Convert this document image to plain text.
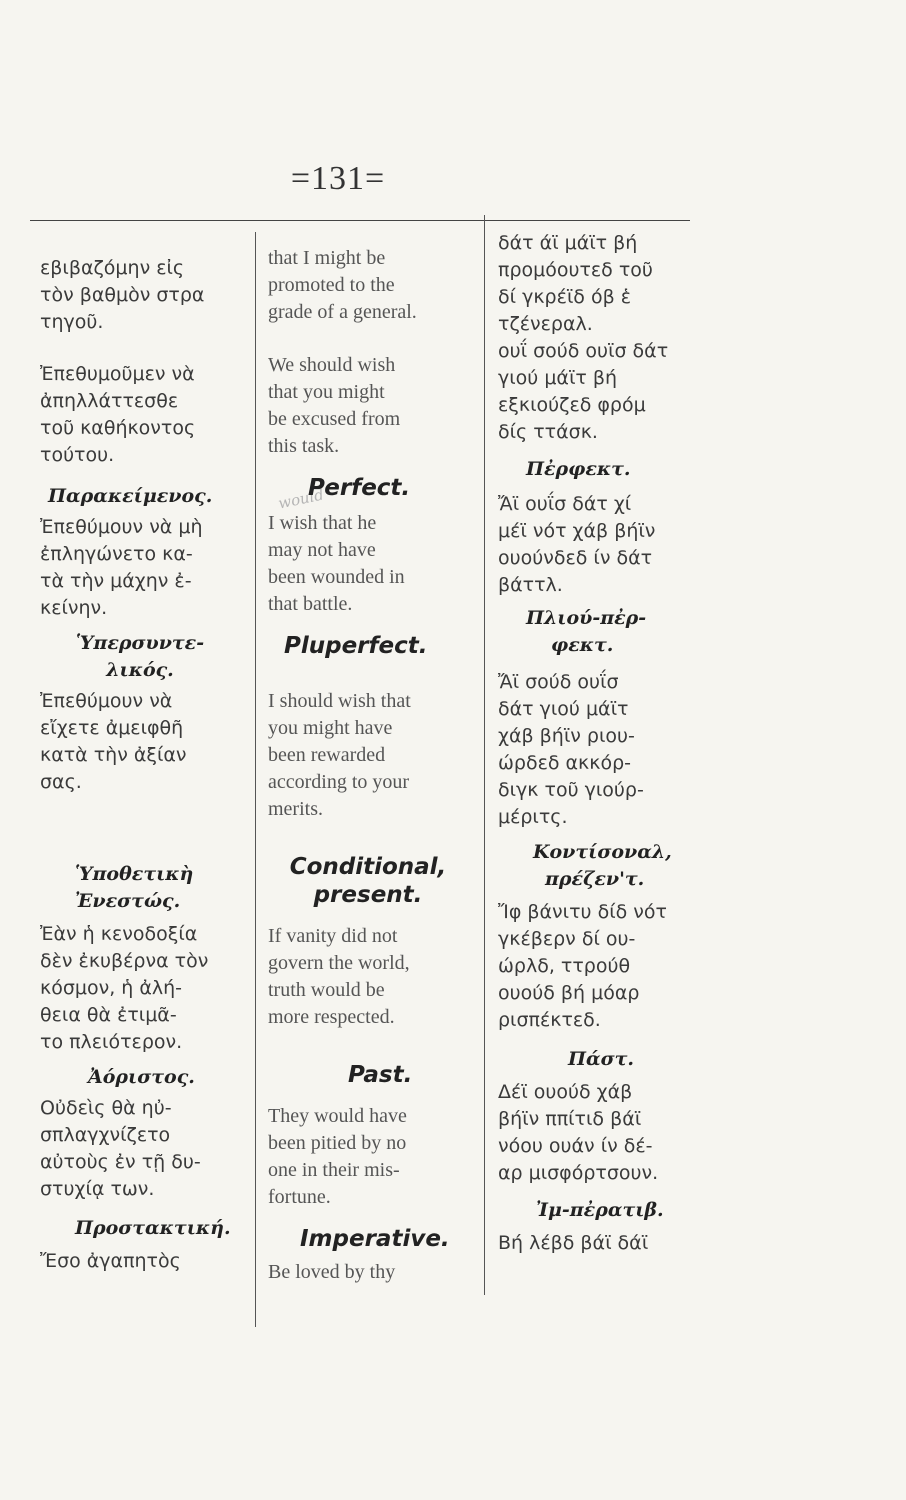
=131=
would
εβιβαζόμην εἰς
τὸν βαθμὸν στρα
τηγοῦ.
Ἐπεθυμοῦμεν νὰ
ἀπηλλάττεσθε
τοῦ καθήκοντος
τούτου.
Παρακείμενος.
Ἐπεθύμουν νὰ μὴ
ἐπληγώνετο κα-
τὰ τὴν μάχην ἐ-
κείνην.
Ὑπερσυντε-
λικός.
Ἐπεθύμουν νὰ
εἴχετε ἀμειφθῆ
κατὰ τὴν ἀξίαν
σας.
Ὑποθετικὴ
Ἐνεστώς.
Ἐὰν ἡ κενοδοξία
δὲν ἐκυβέρνα τὸν
κόσμον, ἡ ἀλή-
θεια θὰ ἐτιμᾶ-
το πλειότερον.
Ἀόριστος.
Οὐδεὶς θὰ ηὐ-
σπλαγχνίζετο
αὐτοὺς ἐν τῇ δυ-
στυχίᾳ των.
Προστακτική.
Ἔσο ἀγαπητὸς
that I might be
promoted to the
grade of a general.
We should wish
that you might
be excused from
this task.
Perfect.
I wish that he
may not have
been wounded in
that battle.
Pluperfect.
I should wish that
you might have
been rewarded
according to your
merits.
Conditional,
present.
If vanity did not
govern the world,
truth would be
more respected.
Past.
They would have
been pitied by no
one in their mis-
fortune.
Imperative.
Be loved by thy
δάτ άϊ μάϊτ βή
προμόουτεδ τοῦ
δί γκρέϊδ όβ ἑ
τζένεραλ.
ουΐ σούδ ουϊσ δάτ
γιού μάϊτ βή
εξκιούζεδ φρόμ
δίς ττάσκ.
Πἐρφεκτ.
Ἄϊ ουΐσ δάτ χί
μέϊ νότ χάβ βήϊν
ουούνδεδ ίν δάτ
βάττλ.
Πλιού-πἐρ-
φεκτ.
Ἄϊ σούδ ουΐσ
δάτ γιού μάϊτ
χάβ βήϊν ριου-
ώρδεδ ακκόρ-
διγκ τοῦ γιούρ-
μέριτς.
Κοντίσοναλ,
πρέζεν'τ.
Ἴφ βάνιτυ δίδ νότ
γκέβερν δί ου-
ώρλδ, ττρούθ
ουούδ βή μόαρ
ρισπέκτεδ.
Πάστ.
Δέϊ ουούδ χάβ
βήϊν ππίτιδ βάϊ
νόου ουάν ίν δέ-
αρ μισφόρτσουν.
Ἰμ-πἐρατιβ.
Βή λέβδ βάϊ δάϊ
